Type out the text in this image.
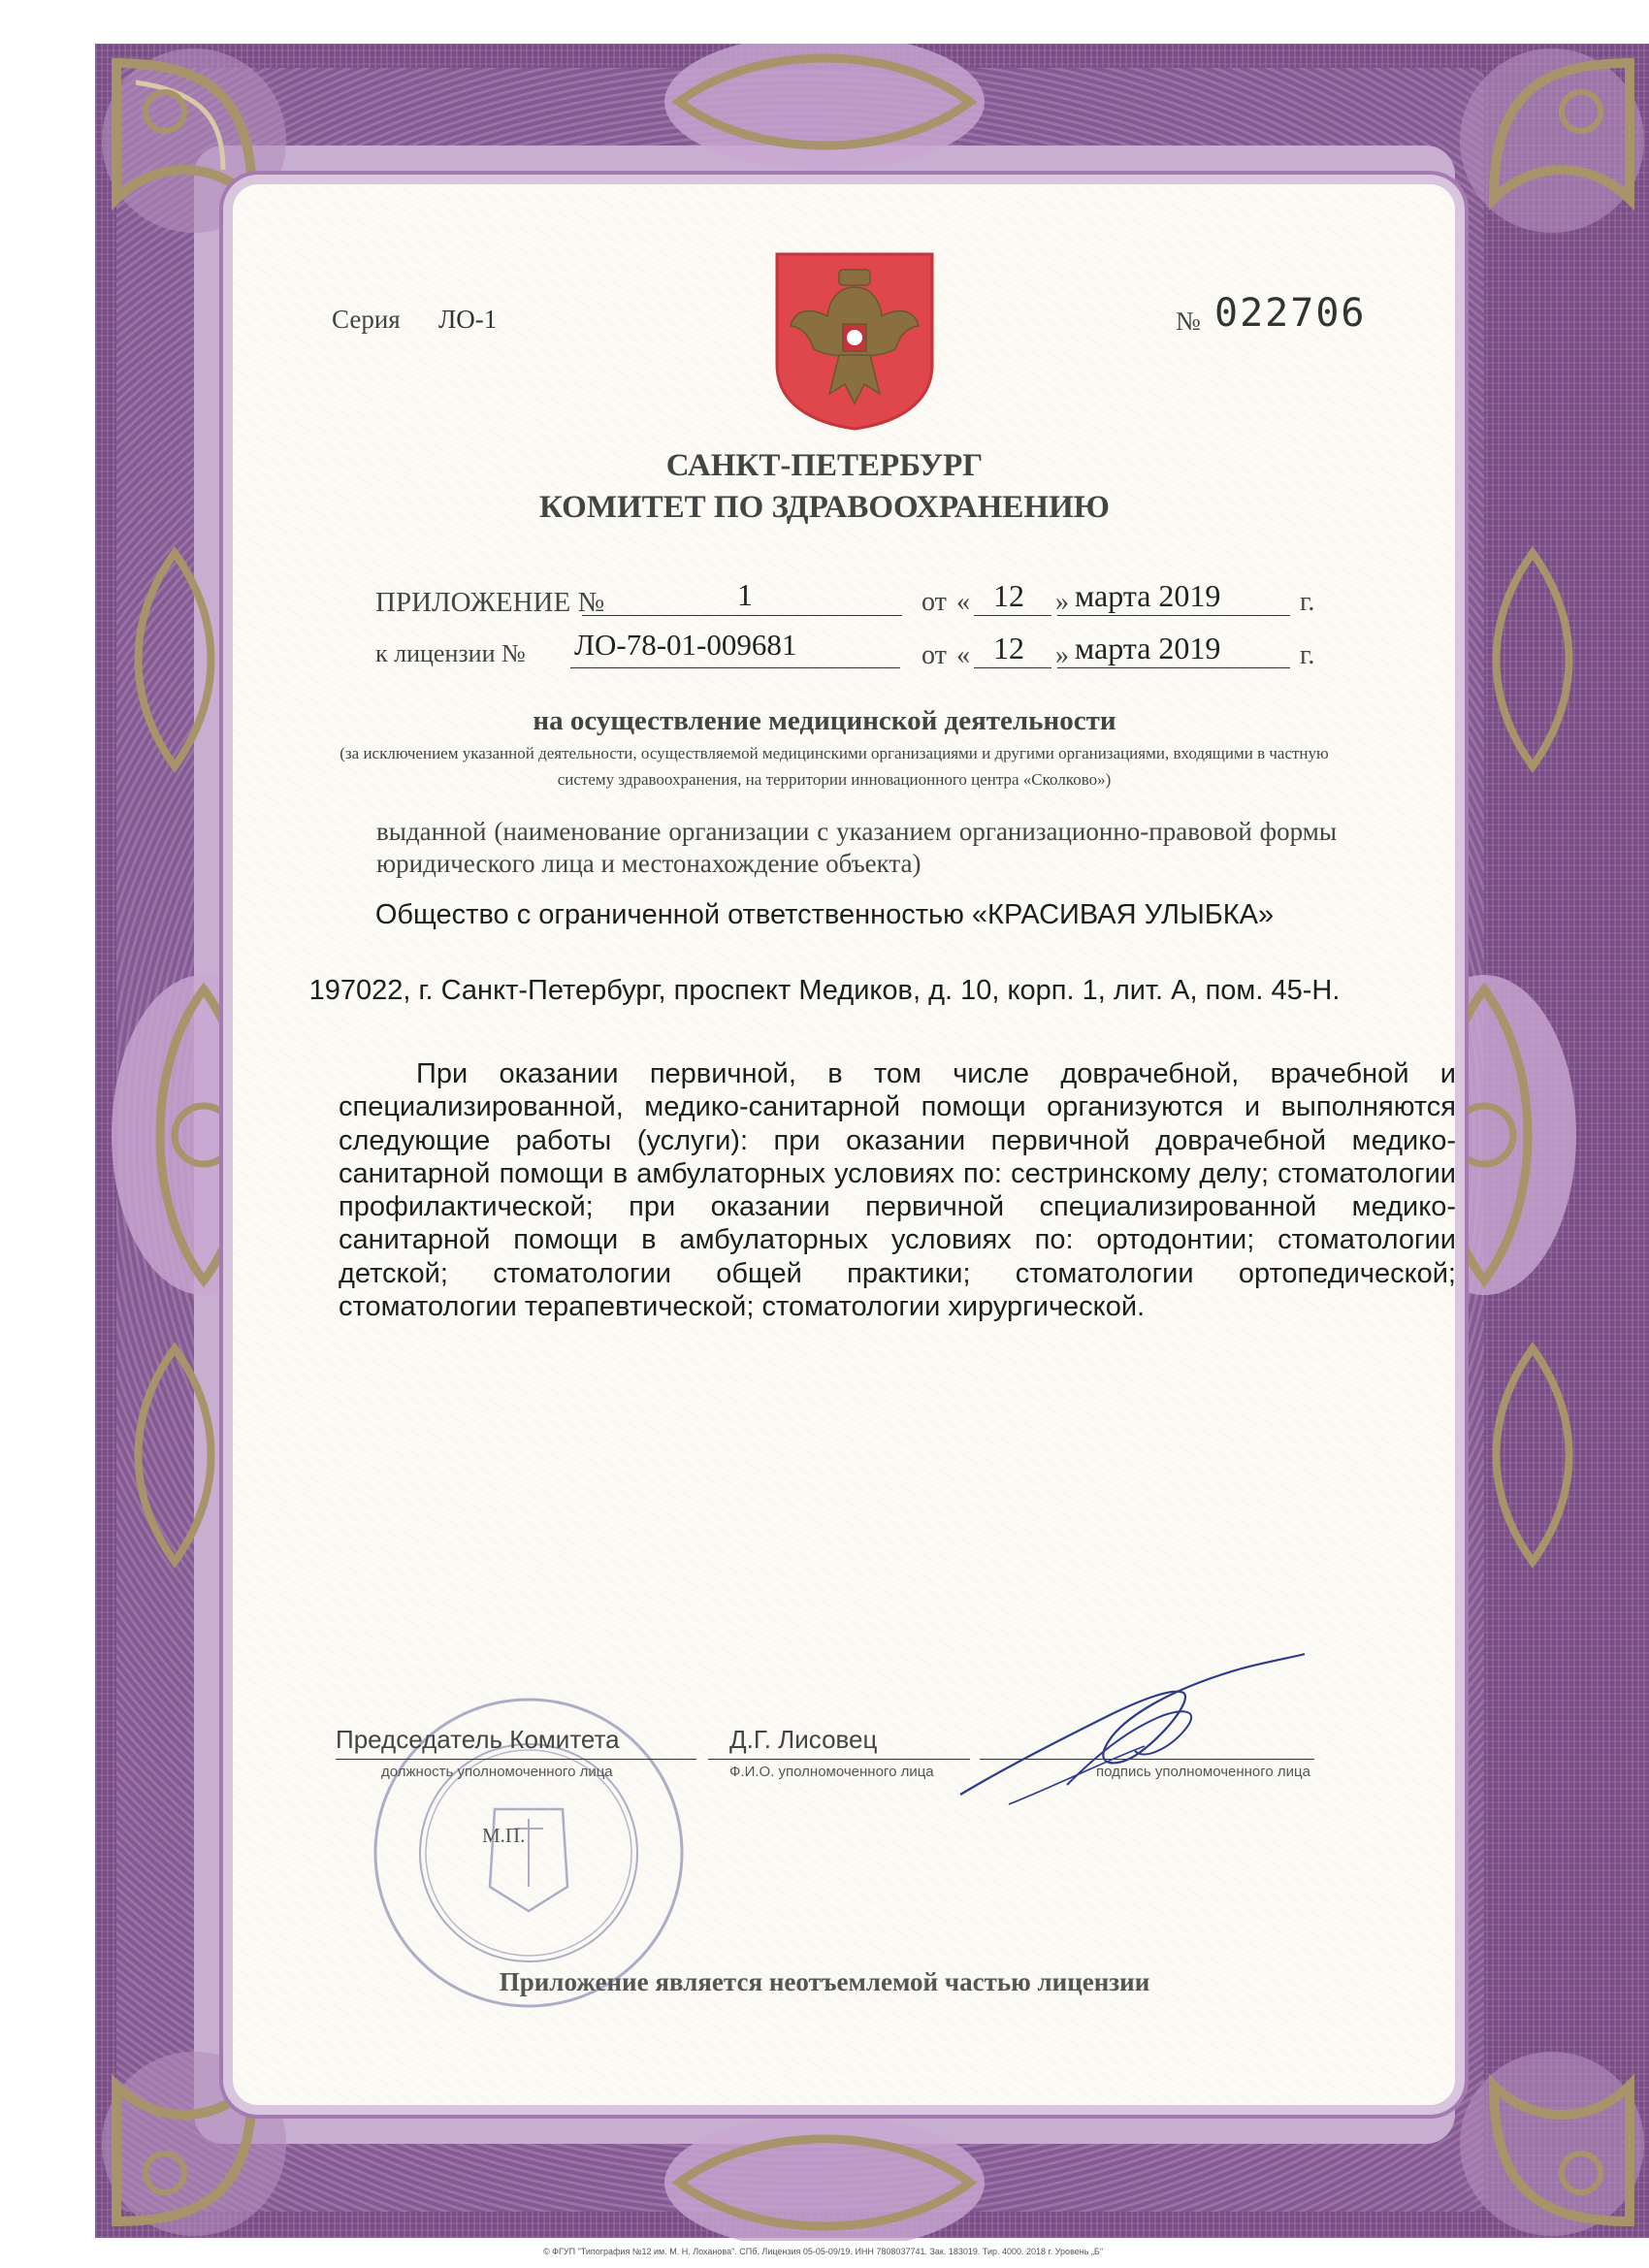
Серия ЛО-1	№ 022706
САНКТ-ПЕТЕРБУРГ
КОМИТЕТ ПО ЗДРАВООХРАНЕНИЮ
ПРИЛОЖЕНИЕ №	1	от « 12 » марта 2019	г.
к лицензии № ЛО-78-01-009681	от « 12 » марта 2019	г.
на осуществление медицинской деятельности
(за исключением указанной деятельности, осуществляемой медицинскими организациями и другими организациями, входящими в частную систему здравоохранения, на территории инновационного центра «Сколково»)
выданной (наименование организации с указанием организационно-правовой формы юридического лица и местонахождение объекта)
Общество с ограниченной ответственностью «КРАСИВАЯ УЛЫБКА»
197022, г. Санкт-Петербург, проспект Медиков, д. 10, корп. 1, лит. А, пом. 45-Н.
При оказании первичной, в том числе доврачебной, врачебной и специализированной, медико-санитарной помощи организуются и выполняются следующие работы (услуги): при оказании первичной доврачебной медико-санитарной помощи в амбулаторных условиях по: сестринскому делу; стоматологии профилактической; при оказании первичной специализированной медико-санитарной помощи в амбулаторных условиях по: ортодонтии; стоматологии детской; стоматологии общей практики; стоматологии ортопедической; стоматологии терапевтической; стоматологии хирургической.
М.П.
Председатель Комитета
должность уполномоченного лица
Д.Г. Лисовец
Ф.И.О. уполномоченного лица	подпись уполномоченного лица
Приложение является неотъемлемой частью лицензии
© ФГУП "Типография №12 им. М. Н. Лоханова". СПб. Лицензия 05-05-09/19. ИНН 7808037741. Зак. 183019. Тир. 4000. 2018 г. Уровень „Б"
